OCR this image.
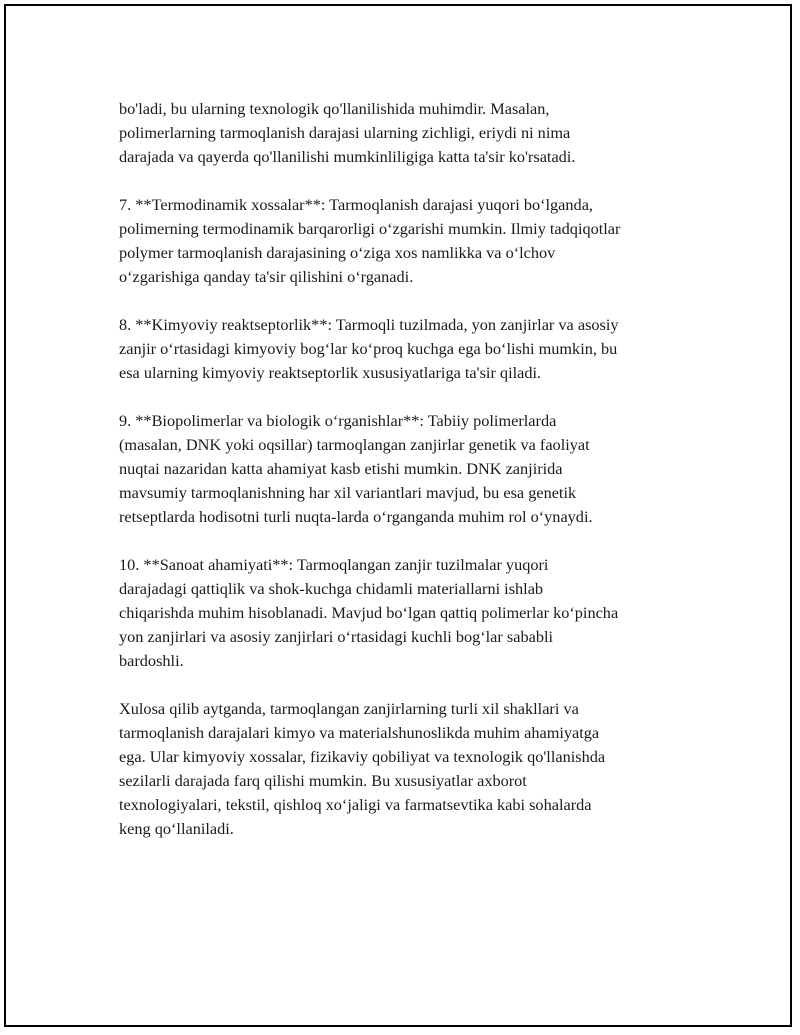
bo'ladi, bu ularning texnologik qo'llanilishida muhimdir. Masalan,
polimerlarning tarmoqlanish darajasi ularning zichligi, eriydi ni nima
darajada va qayerda qo'llanilishi mumkinliligiga katta ta'sir ko'rsatadi.

7. **Termodinamik xossalar**: Tarmoqlanish darajasi yuqori bo‘lganda,
polimerning termodinamik barqarorligi o‘zgarishi mumkin. Ilmiy tadqiqotlar
polymer tarmoqlanish darajasining o‘ziga xos namlikka va o‘lchov
o‘zgarishiga qanday ta'sir qilishini o‘rganadi.

8. **Kimyoviy reaktseptorlik**: Tarmoqli tuzilmada, yon zanjirlar va asosiy
zanjir o‘rtasidagi kimyoviy bog‘lar ko‘proq kuchga ega bo‘lishi mumkin, bu
esa ularning kimyoviy reaktseptorlik xususiyatlariga ta'sir qiladi.

9. **Biopolimerlar va biologik o‘rganishlar**: Tabiiy polimerlarda
(masalan, DNK yoki oqsillar) tarmoqlangan zanjirlar genetik va faoliyat
nuqtai nazaridan katta ahamiyat kasb etishi mumkin. DNK zanjirida
mavsumiy tarmoqlanishning har xil variantlari mavjud, bu esa genetik
retseptlarda hodisotni turli nuqta-larda o‘rganganda muhim rol o‘ynaydi.

10. **Sanoat ahamiyati**: Tarmoqlangan zanjir tuzilmalar yuqori
darajadagi qattiqlik va shok-kuchga chidamli materiallarni ishlab
chiqarishda muhim hisoblanadi. Mavjud bo‘lgan qattiq polimerlar ko‘pincha
yon zanjirlari va asosiy zanjirlari o‘rtasidagi kuchli bog‘lar sababli
bardoshli.

Xulosa qilib aytganda, tarmoqlangan zanjirlarning turli xil shakllari va
tarmoqlanish darajalari kimyo va materialshunoslikda muhim ahamiyatga
ega. Ular kimyoviy xossalar, fizikaviy qobiliyat va texnologik qo'llanishda
sezilarli darajada farq qilishi mumkin. Bu xususiyatlar axborot
texnologiyalari, tekstil, qishloq xo‘jaligi va farmatsevtika kabi sohalarda
keng qo‘llaniladi.
